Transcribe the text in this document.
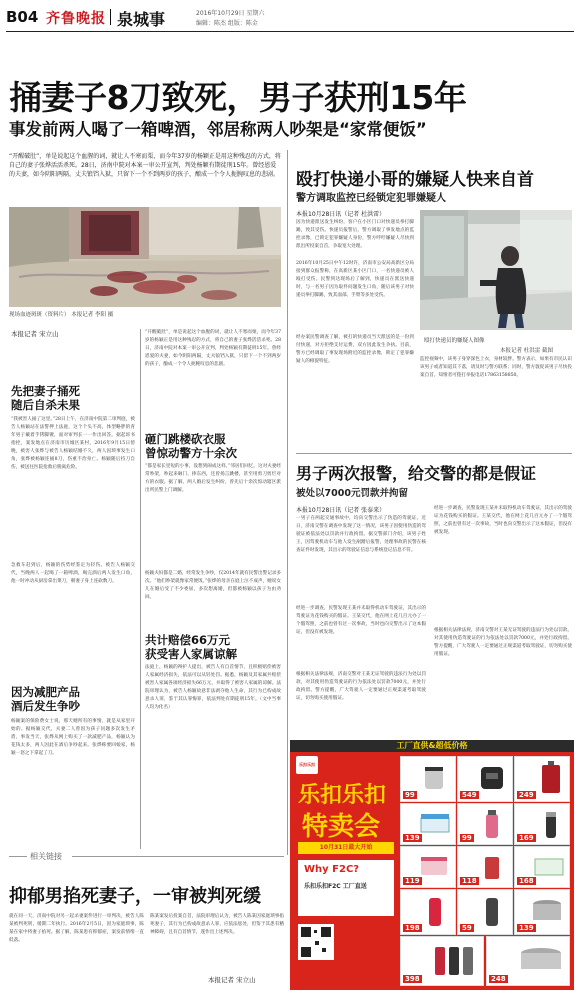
B04 齐鲁晚报 泉城事	2016年10月29日 星期六
编辑：陈杰 组版：陈金
捅妻子8刀致死，男子获刑15年
事发前两人喝了一箱啤酒，邻居称两人吵架是“家常便饭”
“开醒破肚”，单是说起这个血腥的词，就让人不寒而栗，而今年37岁的杨颖正是用这种残忍的方式，将自己的妻子张烨活活杀死。28日，济南中院对本案一审公开宣判，判处杨颖有期徒刑15年。曾经恩爱的夫妻，如今阴阳两隔，丈夫锒铛入狱，只留下一个不到两岁的孩子，酿成一个令人扼腕叹息的悲剧。
现场血迹斑斑（资料片） 本报记者 李阳 摄
本报记者 宋立山
先把妻子捅死
随后自杀未果
“我被害人捅了这里。”28日上午，在济南中院第二审判庭，被告人杨颖站在法警押上法庭，这个个头不高，体型略胖的青年男子戴着手铐脚镣，面对审判长一一作出回答。据起诉书指控，案发地点在济南市历城区某村，2016年9月15日傍晚，被害人张烨与被告人杨颖结婚不久，两人因琐事发生口角，张烨被杨颖连捅8刀，伤重不治身亡。杨颖随后持刀自伤，被送往医院抢救后脱离危险。
急救车赶到后，杨颖的伤势经鉴定为轻伤。被告人杨颖交代，当晚两人一起喝了一箱啤酒，喝完酒后两人发生口角，他一时冲动从厨房拿出菜刀，朝妻子身上连砍数刀。
因为减肥产品
酒后发生争吵
杨颖案的保险费女士说，那天她所有的事情，就是从家里开始的。据杨颖交代，夫妻二人曾因为孩子问题多次发生矛盾，事发当天，张烨从网上购买了一款减肥产品，杨颖认为花钱太多，两人因此在酒后争吵起来。张烨称要回娘家，杨颖一怒之下拿起了刀。
“开醒破肚”，单是说起这个血腥的词，就让人不寒而栗，而今年37岁的杨颖正是用这种残忍的方式，将自己的妻子张烨活活杀死。28日，济南中院对本案一审公开宣判，判处杨颖有期徒刑15年。曾经恩爱的夫妻，如今阴阳两隔，丈夫锒铛入狱，只留下一个不到两岁的孩子，酿成一个令人扼腕叹息的悲剧。
砸门跳楼砍衣服
曾惊动警方十余次
“都是家长里短的小事，没想到闹成这样。”邻居们回忆，这对夫妻经常吵架，吵起来砸门、摔东西，还曾扬言跳楼，甚至用剪刀剪烂对方的衣服。据了解，两人婚后发生纠纷，曾先后十余次惊动辖区派出所民警上门调解。
杨颖夫妇都是二婚，经常发生争吵，仅2014年就有民警出警记录多次。“他们吵架就像家常便饭。”张烨的母亲在庭上泣不成声，她说女儿在婚后受了不少委屈，多次想离婚，但都被杨颖以孩子为由劝回。
共计赔偿66万元
获受害人家属谅解
法庭上，杨颖的辩护人提出，被告人有自首情节，且积极赔偿被害人家属经济损失，依法可以从轻处罚。据悉，杨颖及其家属共赔偿被害人家属各项经济损失66万元，并取得了被害人家属的谅解。法院审理认为，被告人杨颖故意非法剥夺他人生命，其行为已构成故意杀人罪，鉴于其认罪悔罪，依法判处有期徒刑15年。（文中当事人均为化名）
殴打快递小哥的嫌疑人快来自首
警方调取监控已经锁定犯罪嫌疑人
本报10月28日讯（记者 杜洪雷）
因为快递派送发生纠纷，客户在小区门口对快递员拳打脚踢，致其受伤。快递员报警后，警方调取了事发地点的监控录像，已锁定犯罪嫌疑人身份，警方呼吁嫌疑人尽快到派出所投案自首，争取宽大处理。
2016年10月25日中午12时许，济南市公安局高新区分局接到群众报警称，在高新区某小区门口，一名快递员被人殴打受伤。民警到达现场后了解到，快递员在派送快递时，与一名男子因为取件问题发生口角，随后该男子对快递员拳打脚踢，致其面部、手臂等多处受伤。
经办案民警调查了解，被打的快递员当天派送的是一份到付快递，对方拒绝支付运费，双方因此发生争执。目前，警方已经调取了事发现场附近的监控录像，锁定了犯罪嫌疑人的相貌特征。
殴打快递员的嫌疑人图像
本报记者 杜洪雷 截图
监控视频中，该男子身穿深色上衣，身材较胖。警方表示，如果有市民认识该男子或者知道其下落，请及时与警方联系；同时，警方敦促该男子尽快投案自首。知情者可拨打举报电话17863158850。
男子两次报警，给交警的都是假证
被处以7000元罚款并拘留
本报10月28日讯（记者 张泰来）
一男子在两起交通事故中，均向交警出示了伪造的驾驶证。近日，济南交警在调查中发现了这一情况，该男子因使用伪造的驾驶证被依法处以罚款并行政拘留。据交警部门介绍，该男子姓王，因驾驶机动车与他人发生剐蹭后报警，处理事故的民警在核查证件时发现，其出示的驾驶证信息与系统登记信息不符。
经进一步调查，民警发现王某并未取得机动车驾驶证，其出示的驾驶证为花钱购买的假证。王某交代，他在网上花几百元办了一个假驾照，之前也曾有过一次事故，当时也向交警出示了这本假证，但没有被发现。
根据相关法律法规，济南交警对王某无证驾驶的违法行为处以罚款，对其使用伪造驾驶证的行为依法处以罚款7000元，并处行政拘留。警方提醒，广大驾驶人一定要通过正规渠道考取驾驶证，切勿购买使用假证。
经进一步调查，民警发现王某并未取得机动车驾驶证，其出示的驾驶证为花钱购买的假证。王某交代，他在网上花几百元办了一个假驾照，之前也曾有过一次事故，当时也向交警出示了这本假证，但没有被发现。
根据相关法律法规，济南交警对王某无证驾驶的违法行为处以罚款，对其使用伪造驾驶证的行为依法处以罚款7000元，并处行政拘留。警方提醒，广大驾驶人一定要通过正规渠道考取驾驶证，切勿购买使用假证。
工厂直供&超低价格
乐扣乐扣
乐扣乐扣
特卖会
10月31日最大开始
Why F2C?
乐扣乐扣F2C 工厂直送
99	549	249
139	99	169
119	118	168
198	59	139
398	248
相关链接
抑郁男掐死妻子，一审被判死缓
就在同一天，济南中院对另一起杀妻案件进行一审判决，被告人陈某被判死刑，缓期二年执行。2016年2月5日，因为家庭琐事，陈某在家中将妻子掐死。据了解，陈某患有抑郁症，案发前情绪一直低落。
陈某案发后投案自首，法院审理后认为，被告人陈某因家庭琐事掐死妻子，其行为已构成故意杀人罪，应依法惩处，但鉴于其患有精神障碍，且有自首情节，遂作出上述判决。
本报记者 宋立山
